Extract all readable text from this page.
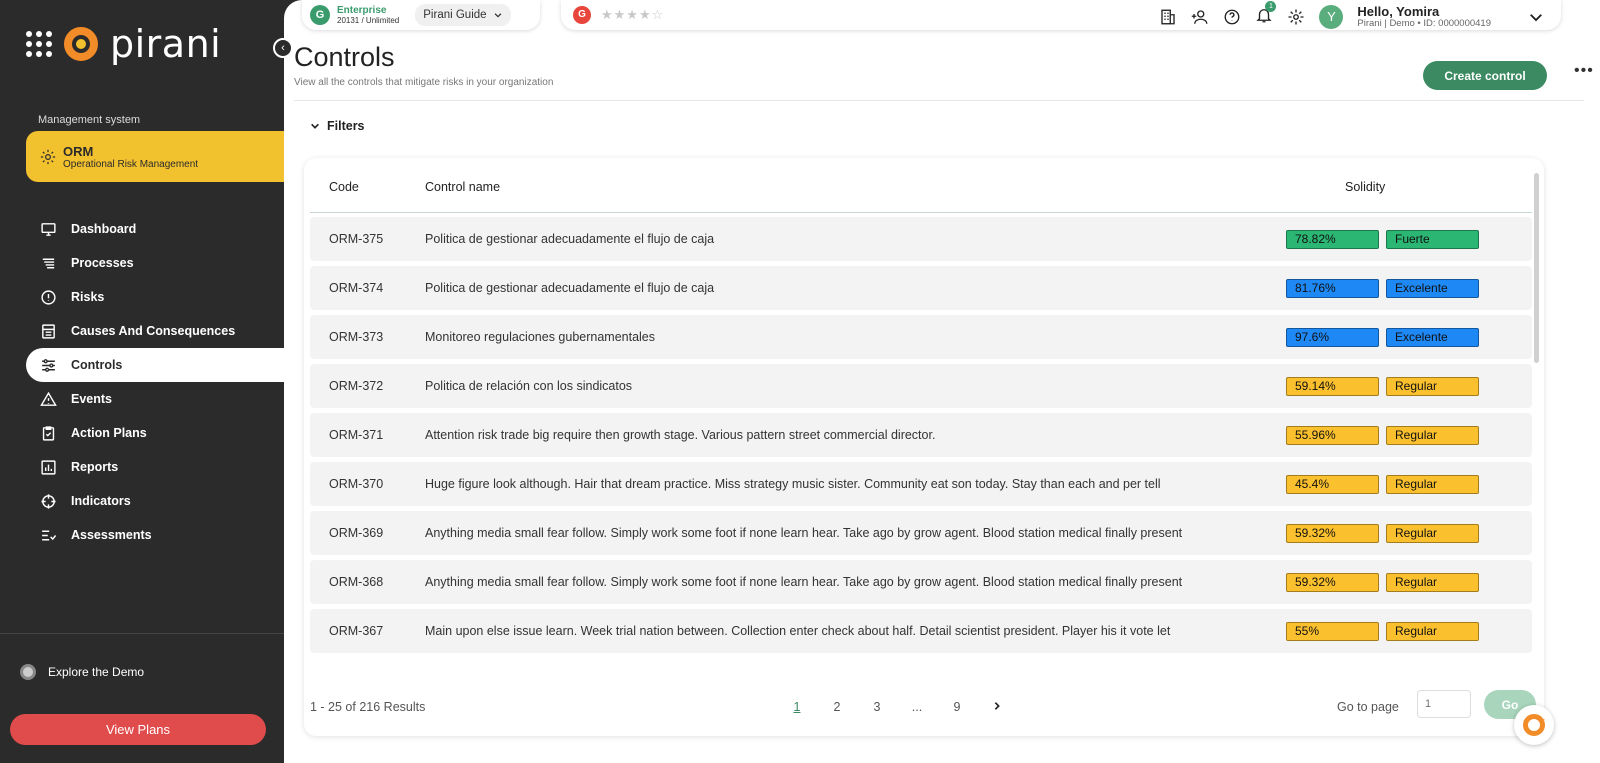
pirani
Management system
ORM
Operational Risk Management
Dashboard
Processes
Risks
Causes And Consequences
Controls
Events
Action Plans
Reports
Indicators
Assessments
Explore the Demo
View Plans
‹
G	Enterprise
20131 / Unlimited Pirani Guide	G	★★★★☆
1
Y	Hello, Yomira
Pirani | Demo • ID: 0000000419
Controls
View all the controls that mitigate risks in your organization	Create control	•••
Filters
Code	Control name	Solidity
ORM-375	Politica de gestionar adecuadamente el flujo de caja	78.82%	Fuerte
ORM-374	Politica de gestionar adecuadamente el flujo de caja	81.76%	Excelente
ORM-373	Monitoreo regulaciones gubernamentales	97.6%	Excelente
ORM-372	Politica de relación con los sindicatos	59.14%	Regular
ORM-371	Attention risk trade big require then growth stage. Various pattern street commercial director.	55.96%	Regular
ORM-370	Huge figure look although. Hair that dream practice. Miss strategy music sister. Community eat son today. Stay than each and per tell	45.4%	Regular
ORM-369	Anything media small fear follow. Simply work some foot if none learn hear. Take ago by grow agent. Blood station medical finally present	59.32%	Regular
ORM-368	Anything media small fear follow. Simply work some foot if none learn hear. Take ago by grow agent. Blood station medical finally present	59.32%	Regular
ORM-367	Main upon else issue learn. Week trial nation between. Collection enter check about half. Detail scientist president. Player his it vote let	55%	Regular
1 - 25 of 216 Results	1	2	3	...	9	Go to page
1	Go
✦
